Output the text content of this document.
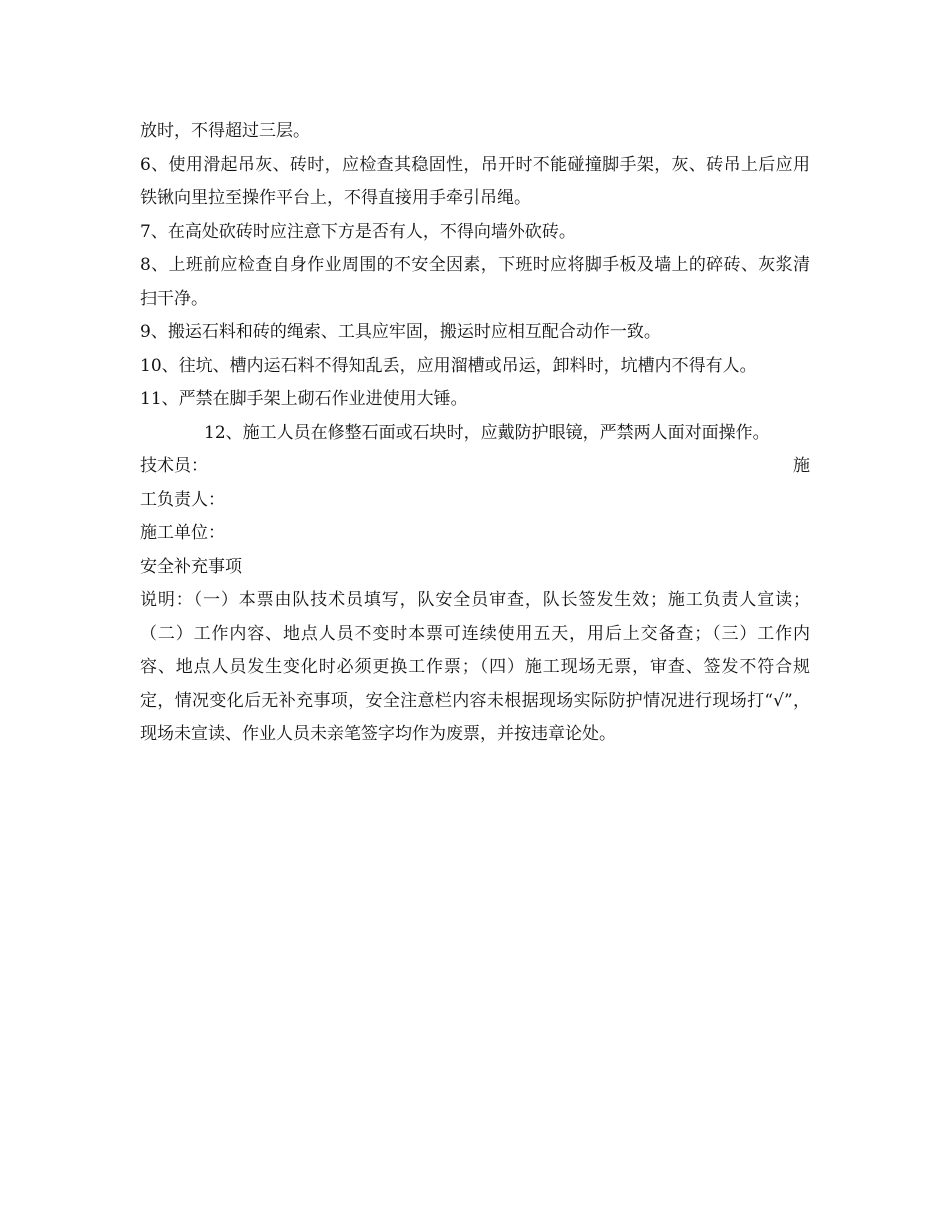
放时，不得超过三层。
6、使用滑起吊灰、砖时，应检查其稳固性，吊开时不能碰撞脚手架，灰、砖吊上后应用铁锹向里拉至操作平台上，不得直接用手牵引吊绳。
7、在高处砍砖时应注意下方是否有人，不得向墙外砍砖。
8、上班前应检查自身作业周围的不安全因素，下班时应将脚手板及墙上的碎砖、灰浆清扫干净。
9、搬运石料和砖的绳索、工具应牢固，搬运时应相互配合动作一致。
10、往坑、槽内运石料不得知乱丢，应用溜槽或吊运，卸料时，坑槽内不得有人。
11、严禁在脚手架上砌石作业进使用大锤。
12、施工人员在修整石面或石块时，应戴防护眼镜，严禁两人面对面操作。
技术员：	施
工负责人：
施工单位：
安全补充事项
说明：（一）本票由队技术员填写，队安全员审查，队长签发生效；施工负责人宣读；（二）工作内容、地点人员不变时本票可连续使用五天，用后上交备查；（三）工作内容、地点人员发生变化时必须更换工作票；（四）施工现场无票，审查、签发不符合规定，情况变化后无补充事项，安全注意栏内容未根据现场实际防护情况进行现场打“√”，现场未宣读、作业人员未亲笔签字均作为废票，并按违章论处。
